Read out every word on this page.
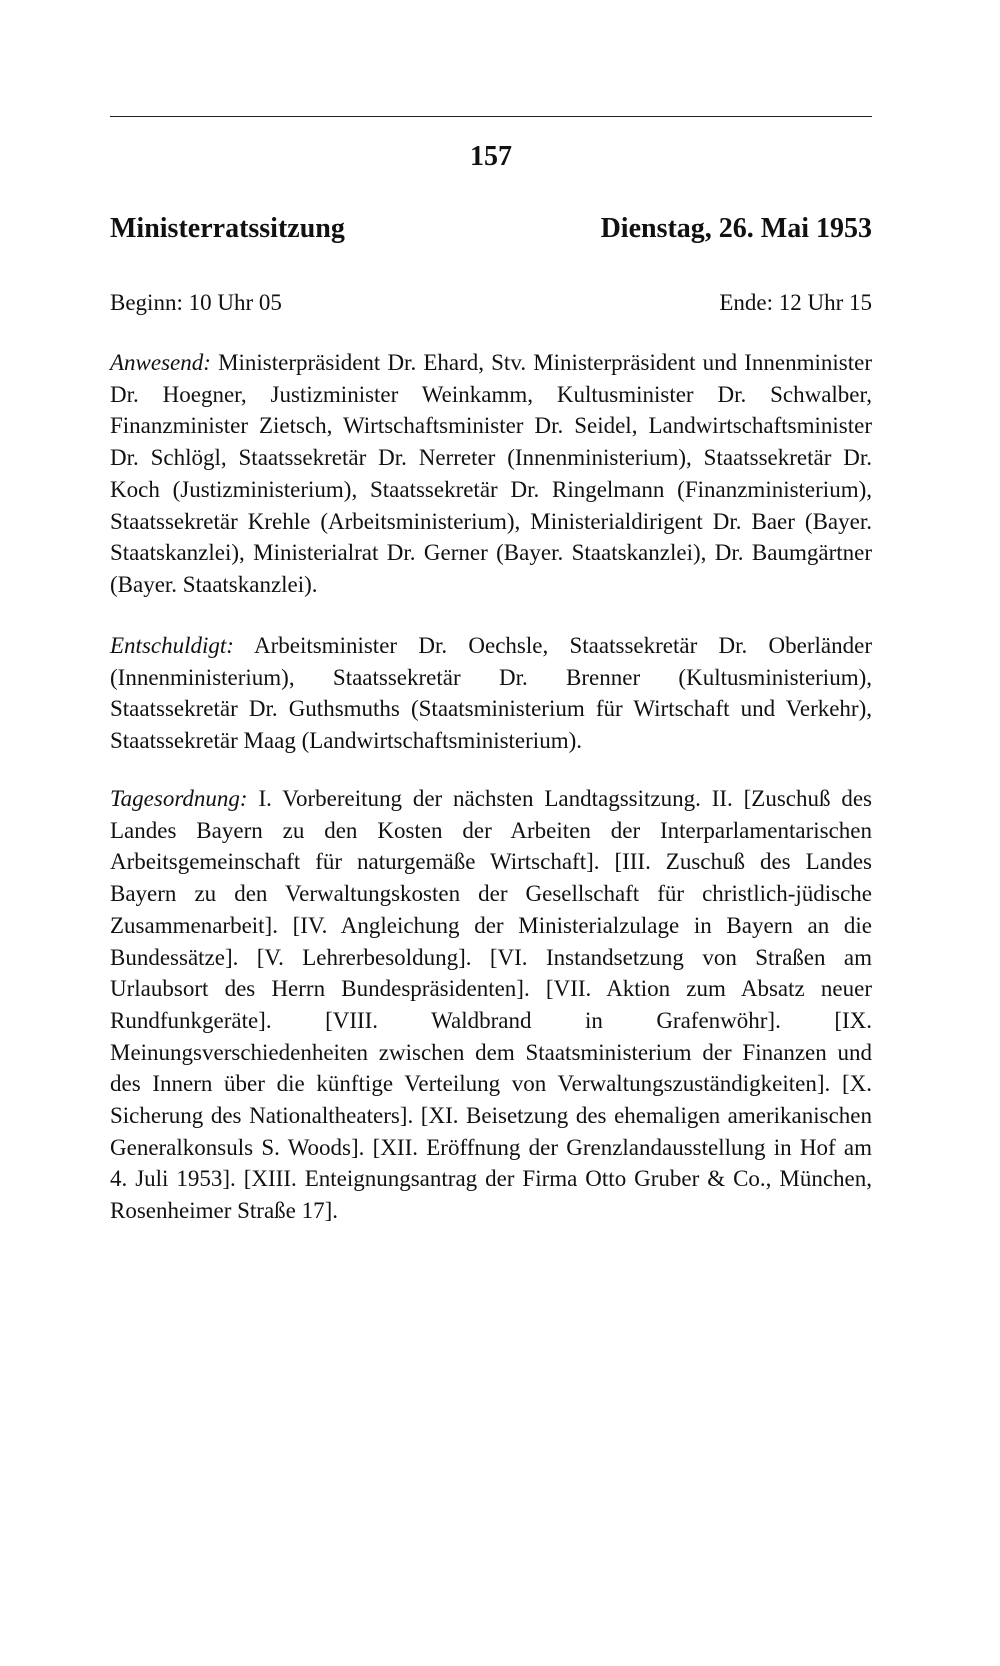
157
Ministerratssitzung	Dienstag, 26. Mai 1953
Beginn: 10 Uhr 05	Ende: 12 Uhr 15

Anwesend: Ministerpräsident Dr. Ehard, Stv. Ministerpräsident und Innenminister Dr. Hoegner, Justizminister Weinkamm, Kultusminister Dr. Schwalber, Finanzminister Zietsch, Wirtschaftsminister Dr. Seidel, Landwirtschaftsminister Dr. Schlögl, Staatssekretär Dr. Nerreter (Innenministerium), Staatssekretär Dr. Koch (Justizministerium), Staatssekretär Dr. Ringelmann (Finanzministerium), Staatssekretär Krehle (Arbeitsministerium), Ministerialdirigent Dr. Baer (Bayer. Staatskanzlei), Ministerialrat Dr. Gerner (Bayer. Staatskanzlei), Dr. Baumgärtner (Bayer. Staatskanzlei).

Entschuldigt: Arbeitsminister Dr. Oechsle, Staatssekretär Dr. Oberländer (Innenministerium), Staatssekretär Dr. Brenner (Kultusministerium), Staatssekretär Dr. Guthsmuths (Staatsministerium für Wirtschaft und Verkehr), Staatssekretär Maag (Landwirtschaftsministerium).

Tagesordnung: I. Vorbereitung der nächsten Landtagssitzung. II. [Zuschuß des Landes Bayern zu den Kosten der Arbeiten der Interparlamentarischen Arbeitsgemeinschaft für naturgemäße Wirtschaft]. [III. Zuschuß des Landes Bayern zu den Verwaltungskosten der Gesellschaft für christlich-jüdische Zusammenarbeit]. [IV. Angleichung der Ministerialzulage in Bayern an die Bundessätze]. [V. Lehrerbesoldung]. [VI. Instandsetzung von Straßen am Urlaubsort des Herrn Bundespräsidenten]. [VII. Aktion zum Absatz neuer Rundfunkgeräte]. [VIII. Waldbrand in Grafenwöhr]. [IX. Meinungsverschiedenheiten zwischen dem Staatsministerium der Finanzen und des Innern über die künftige Verteilung von Verwaltungszuständigkeiten]. [X. Sicherung des Nationaltheaters]. [XI. Beisetzung des ehemaligen amerikanischen Generalkonsuls S. Woods]. [XII. Eröffnung der Grenzlandausstellung in Hof am 4. Juli 1953]. [XIII. Enteignungsantrag der Firma Otto Gruber & Co., München, Rosenheimer Straße 17].
